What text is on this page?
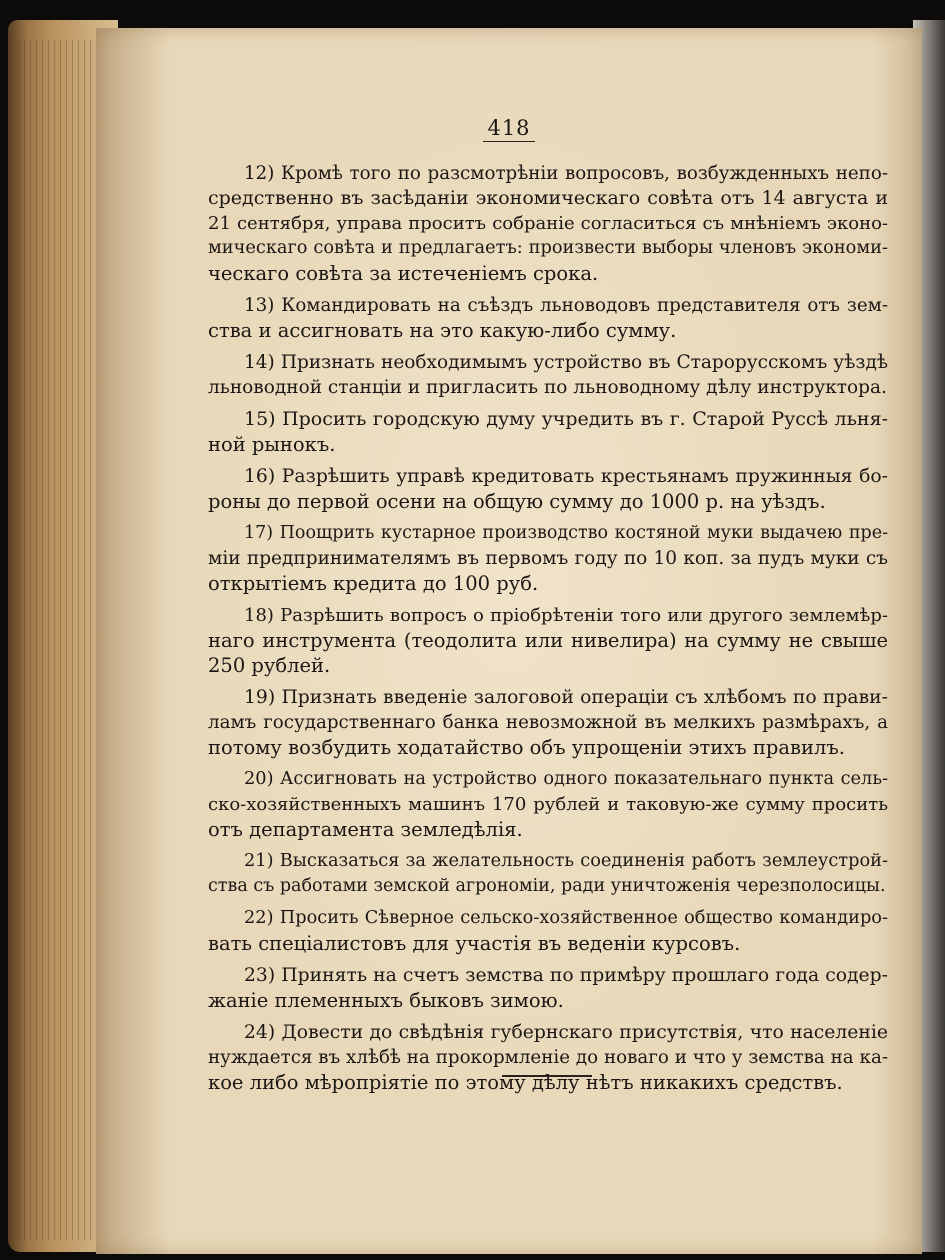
418
12) Кромѣ того по разсмотрѣніи вопросовъ, возбужденныхъ непо-
средственно въ засѣданіи экономическаго совѣта отъ 14 августа и
21 сентября, управа проситъ собраніе согласиться съ мнѣніемъ эконо-
мическаго совѣта и предлагаетъ: произвести выборы членовъ экономи-
ческаго совѣта за истеченіемъ срока.
13) Командировать на съѣздъ льноводовъ представителя отъ зем-
ства и ассигновать на это какую-либо сумму.
14) Признать необходимымъ устройство въ Старорусскомъ уѣздѣ
льноводной станціи и пригласить по льноводному дѣлу инструктора.
15) Просить городскую думу учредить въ г. Старой Руссѣ льня-
ной рынокъ.
16) Разрѣшить управѣ кредитовать крестьянамъ пружинныя бо-
роны до первой осени на общую сумму до 1000 р. на уѣздъ.
17) Поощрить кустарное производство костяной муки выдачею пре-
міи предпринимателямъ въ первомъ году по 10 коп. за пудъ муки съ
открытіемъ кредита до 100 руб.
18) Разрѣшить вопросъ о пріобрѣтеніи того или другого землемѣр-
наго инструмента (теодолита или нивелира) на сумму не свыше
250 рублей.
19) Признать введеніе залоговой операціи съ хлѣбомъ по прави-
ламъ государственнаго банка невозможной въ мелкихъ размѣрахъ, а
потому возбудить ходатайство объ упрощеніи этихъ правилъ.
20) Ассигновать на устройство одного показательнаго пункта сель-
ско-хозяйственныхъ машинъ 170 рублей и таковую-же сумму просить
отъ департамента земледѣлія.
21) Высказаться за желательность соединенія работъ землеустрой-
ства съ работами земской агрономіи, ради уничтоженія черезполосицы.
22) Просить Сѣверное сельско-хозяйственное общество командиро-
вать спеціалистовъ для участія въ веденіи курсовъ.
23) Принять на счетъ земства по примѣру прошлаго года содер-
жаніе племенныхъ быковъ зимою.
24) Довести до свѣдѣнія губернскаго присутствія, что населеніе
нуждается въ хлѣбѣ на прокормленіе до новаго и что у земства на ка-
кое либо мѣропріятіе по этому дѣлу нѣтъ никакихъ средствъ.
